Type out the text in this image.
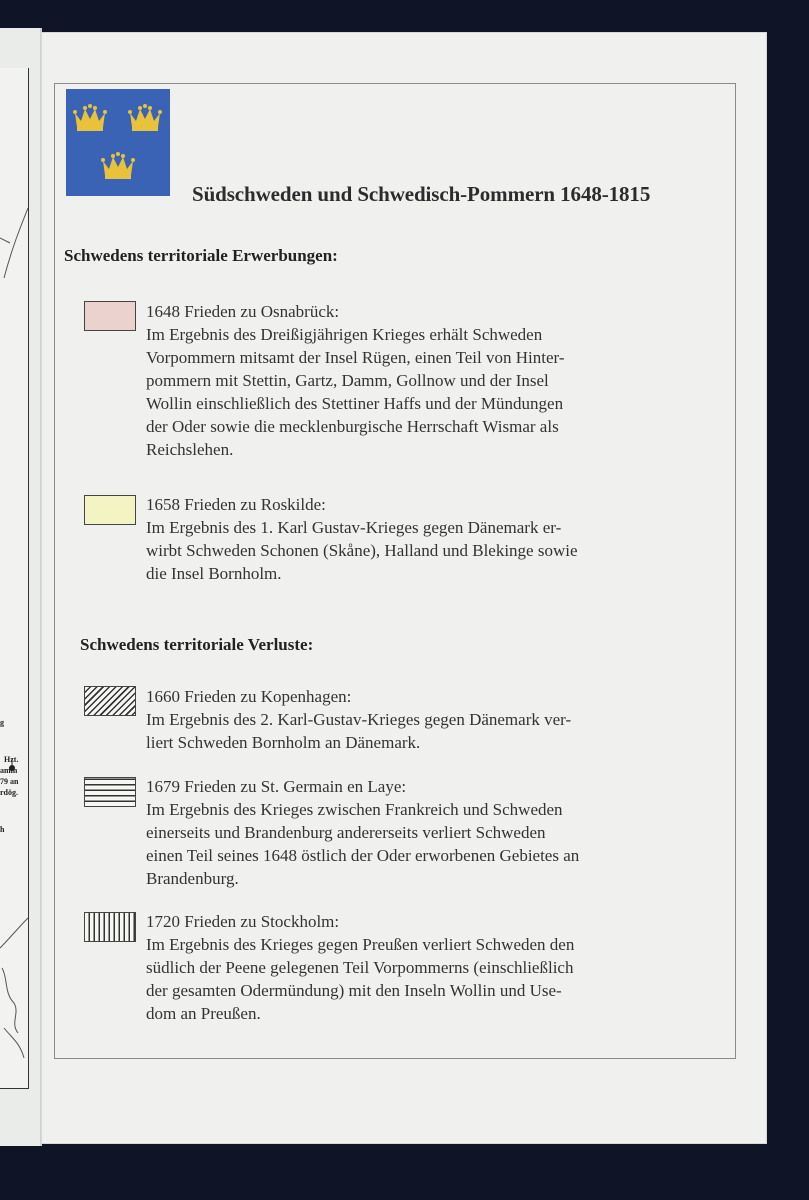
g
Hzt.
amin
79 an
rdög.
h
Südschweden und Schwedisch-Pommern 1648-1815
Schwedens territoriale Erwerbungen:

1648 Frieden zu Osnabrück:

Im Ergebnis des Dreißigjährigen Krieges erhält Schweden

Vorpommern mitsamt der Insel Rügen, einen Teil von Hinter-

pommern mit Stettin, Gartz, Damm, Gollnow und der Insel

Wollin einschließlich des Stettiner Haffs und der Mündungen

der Oder sowie die mecklenburgische Herrschaft Wismar als

Reichslehen.

1658 Frieden zu Roskilde:

Im Ergebnis des 1. Karl Gustav-Krieges gegen Dänemark er-

wirbt Schweden Schonen (Skåne), Halland und Blekinge sowie

die Insel Bornholm.

Schwedens territoriale Verluste:

1660 Frieden zu Kopenhagen:

Im Ergebnis des 2. Karl-Gustav-Krieges gegen Dänemark ver-

liert Schweden Bornholm an Dänemark.

1679 Frieden zu St. Germain en Laye:

Im Ergebnis des Krieges zwischen Frankreich und Schweden

einerseits und Brandenburg andererseits verliert Schweden

einen Teil seines 1648 östlich der Oder erworbenen Gebietes an

Brandenburg.

1720 Frieden zu Stockholm:

Im Ergebnis des Krieges gegen Preußen verliert Schweden den

südlich der Peene gelegenen Teil Vorpommerns (einschließlich

der gesamten Odermündung) mit den Inseln Wollin und Use-

dom an Preußen.
